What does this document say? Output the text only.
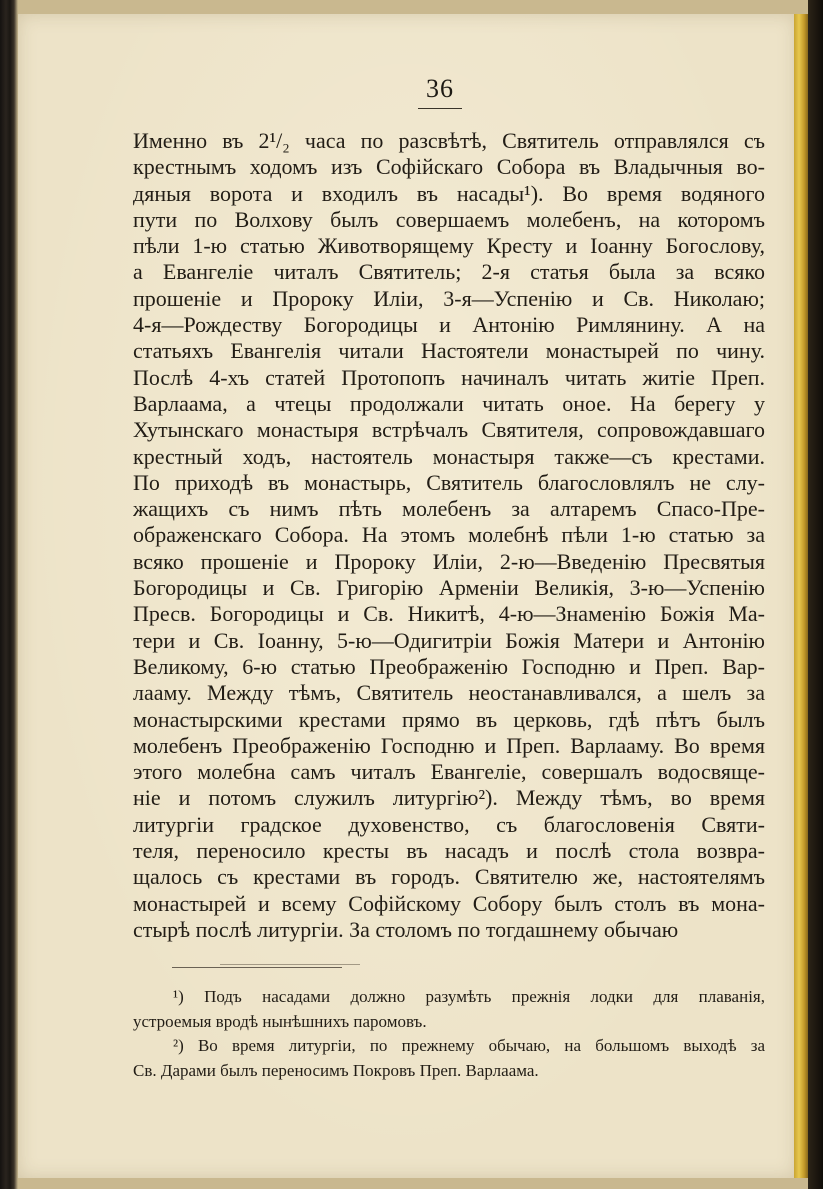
36
Именно въ 2¹/₂ часа по разсвѣтѣ, Святитель отправлялся съ
крестнымъ ходомъ изъ Софійскаго Собора въ Владычныя во-
дяныя ворота и входилъ въ насады¹). Во время водяного
пути по Волхову былъ совершаемъ молебенъ, на которомъ
пѣли 1-ю статью Животворящему Кресту и Іоанну Богослову,
а Евангеліе читалъ Святитель; 2-я статья была за всяко
прошеніе и Пророку Иліи, 3-я—Успенію и Св. Николаю;
4-я—Рождеству Богородицы и Антонію Римлянину. А на
статьяхъ Евангелія читали Настоятели монастырей по чину.
Послѣ 4-хъ статей Протопопъ начиналъ читать житіе Преп.
Варлаама, а чтецы продолжали читать оное. На берегу у
Хутынскаго монастыря встрѣчалъ Святителя, сопровождавшаго
крестный ходъ, настоятель монастыря также—съ крестами.
По приходѣ въ монастырь, Святитель благословлялъ не слу-
жащихъ съ нимъ пѣть молебенъ за алтаремъ Спасо-Пре-
ображенскаго Собора. На этомъ молебнѣ пѣли 1-ю статью за
всяко прошеніе и Пророку Иліи, 2-ю—Введенію Пресвятыя
Богородицы и Св. Григорію Арменіи Великія, 3-ю—Успенію
Пресв. Богородицы и Св. Никитѣ, 4-ю—Знаменію Божія Ма-
тери и Св. Іоанну, 5-ю—Одигитріи Божія Матери и Антонію
Великому, 6-ю статью Преображенію Господню и Преп. Вар-
лааму. Между тѣмъ, Святитель неостанавливался, а шелъ за
монастырскими крестами прямо въ церковь, гдѣ пѣтъ былъ
молебенъ Преображенію Господню и Преп. Варлааму. Во время
этого молебна самъ читалъ Евангеліе, совершалъ водосвяще-
ніе и потомъ служилъ литургію²). Между тѣмъ, во время
литургіи градское духовенство, съ благословенія Святи-
теля, переносило кресты въ насадъ и послѣ стола возвра-
щалось съ крестами въ городъ. Святителю же, настоятелямъ
монастырей и всему Софійскому Собору былъ столъ въ мона-
стырѣ послѣ литургіи. За столомъ по тогдашнему обычаю
¹) Подъ насадами должно разумѣть прежнія лодки для плаванія,
устроемыя вродѣ нынѣшнихъ паромовъ.
²) Во время литургіи, по прежнему обычаю, на большомъ выходѣ за
Св. Дарами былъ переносимъ Покровъ Преп. Варлаама.
